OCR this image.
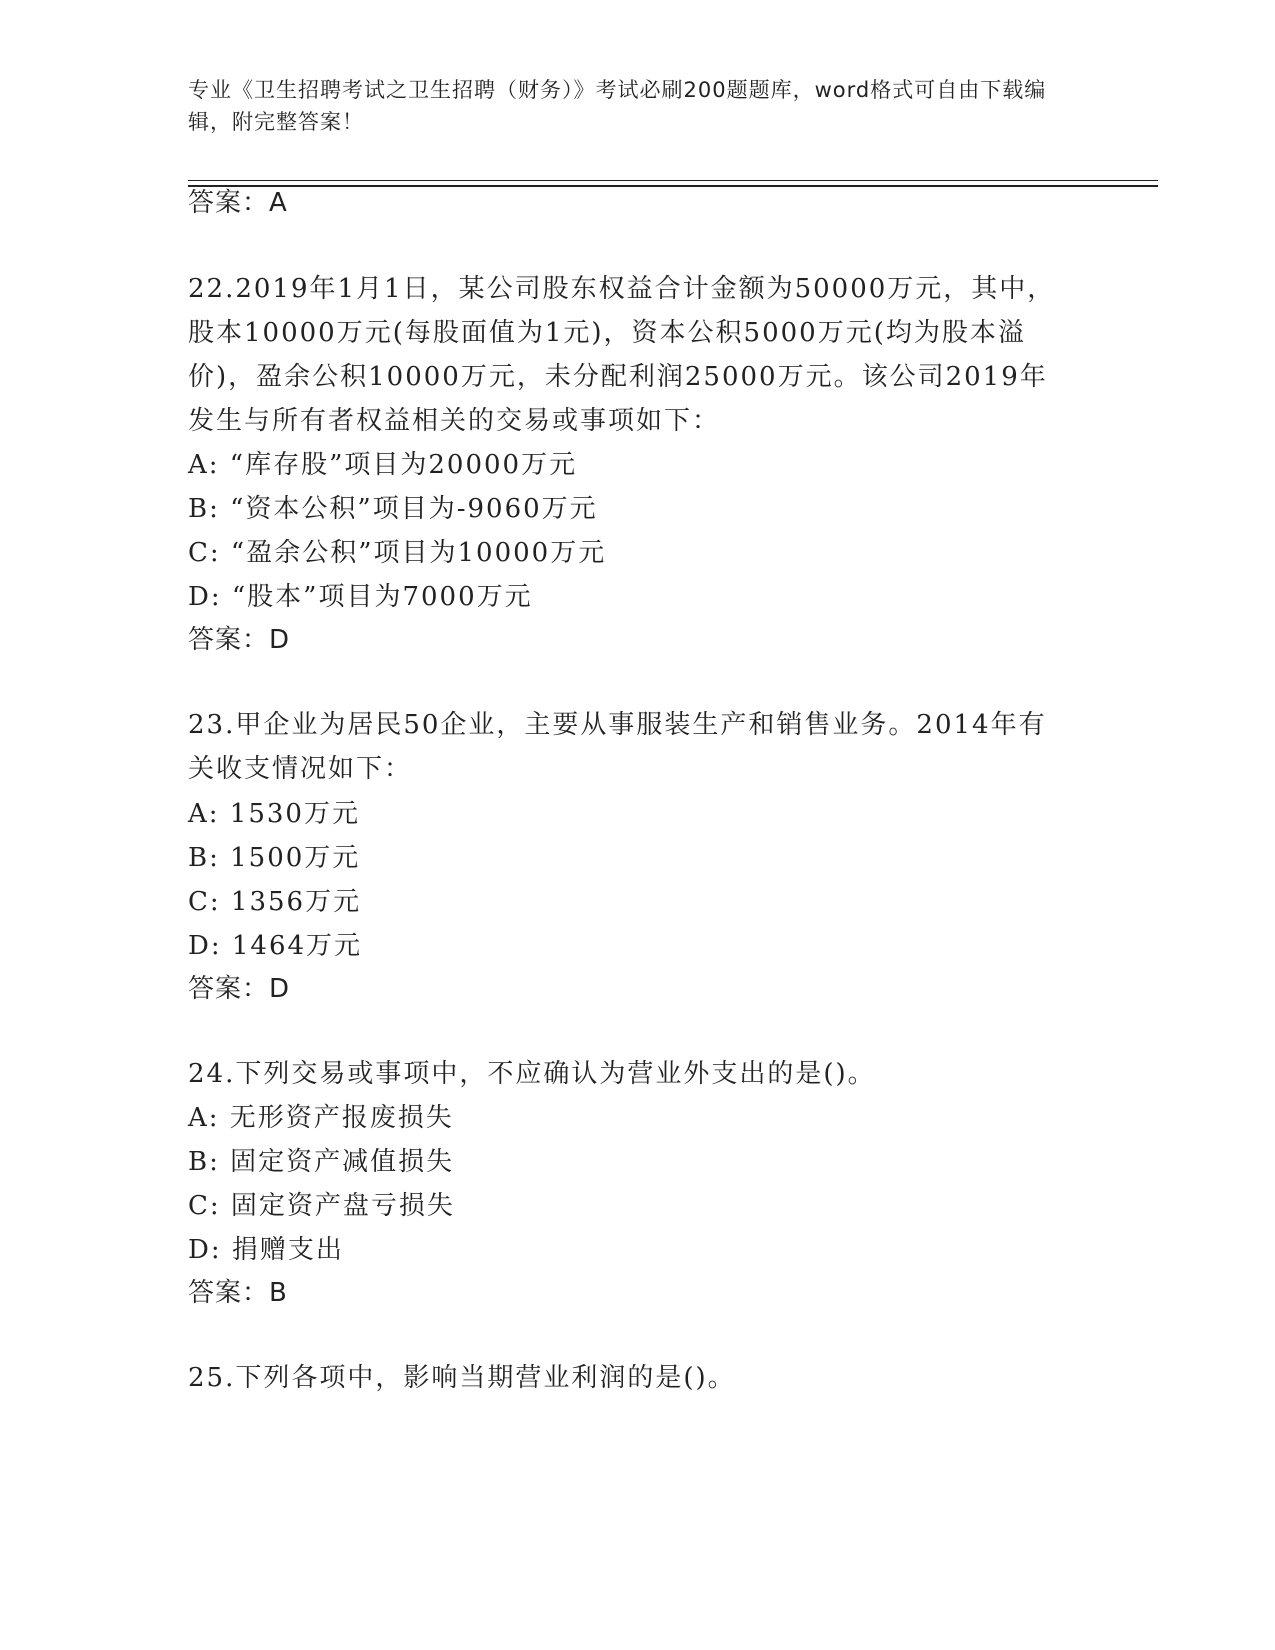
专业《卫生招聘考试之卫生招聘（财务）》考试必刷200题题库，word格式可自由下载编辑，附完整答案！
答案：A
22.2019年1月1日，某公司股东权益合计金额为50000万元，其中，
股本10000万元(每股面值为1元)，资本公积5000万元(均为股本溢
价)，盈余公积10000万元，未分配利润25000万元。该公司2019年
发生与所有者权益相关的交易或事项如下：
A: “库存股”项目为20000万元
B: “资本公积”项目为-9060万元
C: “盈余公积”项目为10000万元
D: “股本”项目为7000万元
答案：D
23.甲企业为居民50企业，主要从事服装生产和销售业务。2014年有
关收支情况如下：
A: 1530万元
B: 1500万元
C: 1356万元
D: 1464万元
答案：D
24.下列交易或事项中，不应确认为营业外支出的是()。
A: 无形资产报废损失
B: 固定资产减值损失
C: 固定资产盘亏损失
D: 捐赠支出
答案：B
25.下列各项中，影响当期营业利润的是()。
